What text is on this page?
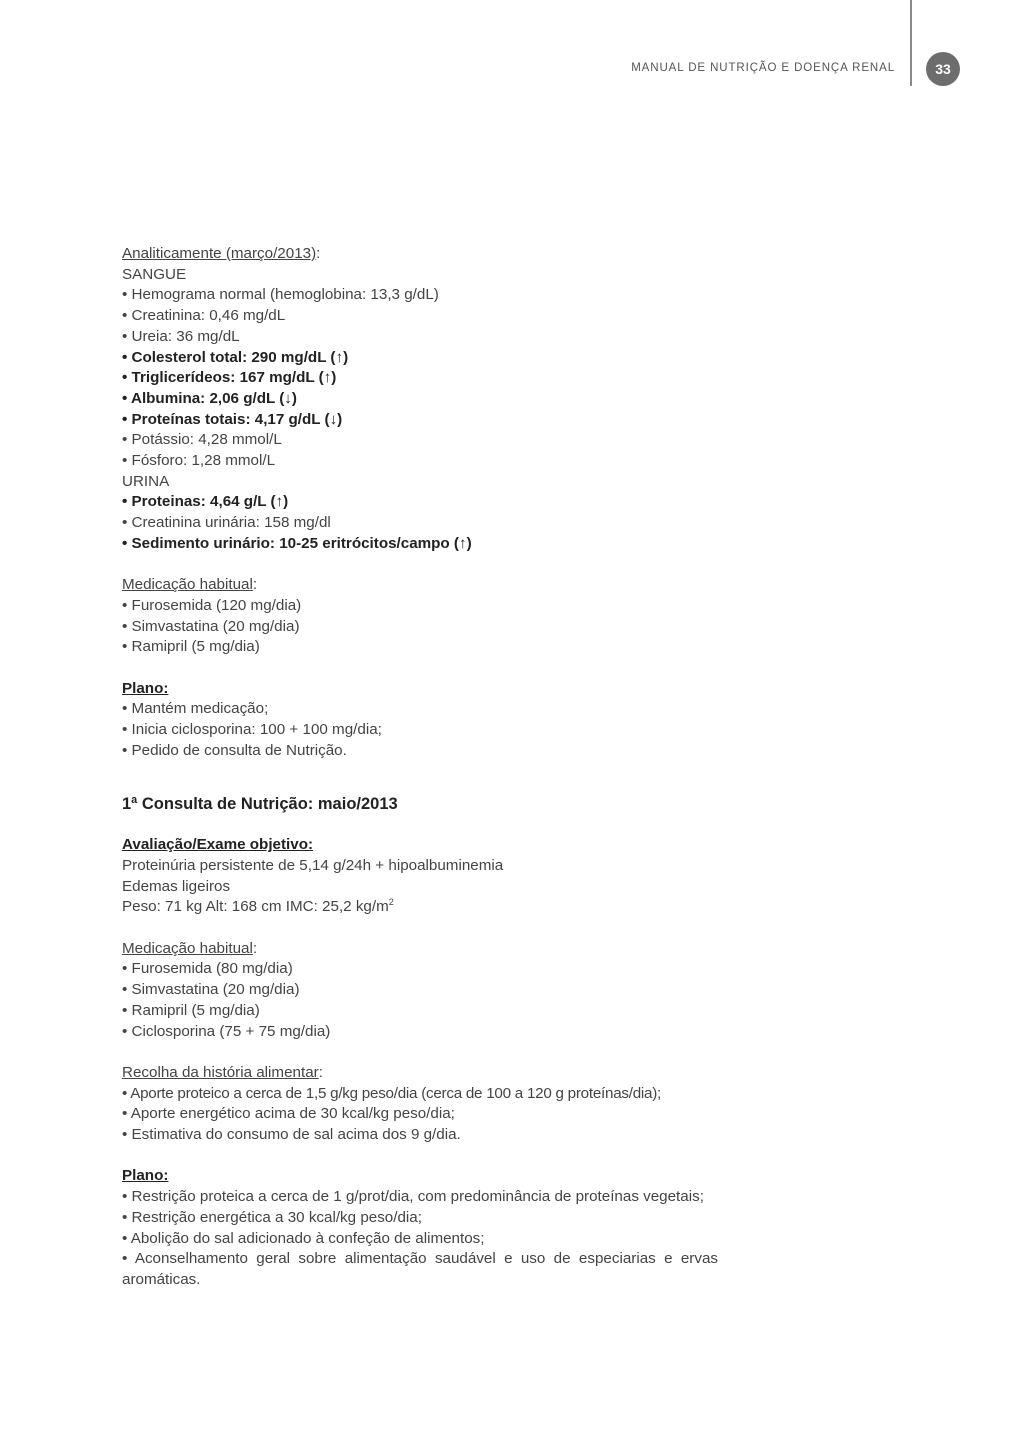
MANUAL DE NUTRIÇÃO E DOENÇA RENAL	33
Analiticamente (março/2013):
SANGUE
• Hemograma normal (hemoglobina: 13,3 g/dL)
• Creatinina: 0,46 mg/dL
• Ureia: 36 mg/dL
• Colesterol total: 290 mg/dL (↑)
• Triglicerídeos: 167 mg/dL (↑)
• Albumina: 2,06 g/dL (↓)
• Proteínas totais: 4,17 g/dL (↓)
• Potássio: 4,28 mmol/L
• Fósforo: 1,28 mmol/L
URINA
• Proteinas: 4,64 g/L (↑)
• Creatinina urinária: 158 mg/dl
• Sedimento urinário: 10-25 eritrócitos/campo (↑)
Medicação habitual:
• Furosemida (120 mg/dia)
• Simvastatina (20 mg/dia)
• Ramipril (5 mg/dia)
Plano:
• Mantém medicação;
• Inicia ciclosporina: 100 + 100 mg/dia;
• Pedido de consulta de Nutrição.
1ª Consulta de Nutrição: maio/2013
Avaliação/Exame objetivo:
Proteinúria persistente de 5,14 g/24h + hipoalbuminemia
Edemas ligeiros
Peso: 71 kg Alt: 168 cm IMC: 25,2 $kg/m^2$
Medicação habitual:
• Furosemida (80 mg/dia)
• Simvastatina (20 mg/dia)
• Ramipril (5 mg/dia)
• Ciclosporina (75 + 75 mg/dia)
Recolha da história alimentar:
• Aporte proteico a cerca de 1,5 g/kg peso/dia (cerca de 100 a 120 g proteínas/dia);
• Aporte energético acima de 30 kcal/kg peso/dia;
• Estimativa do consumo de sal acima dos 9 g/dia.
Plano:
• Restrição proteica a cerca de 1 g/prot/dia, com predominância de proteínas vegetais;
• Restrição energética a 30 kcal/kg peso/dia;
• Abolição do sal adicionado à confeção de alimentos;
• Aconselhamento geral sobre alimentação saudável e uso de especiarias e ervas aromáticas.
